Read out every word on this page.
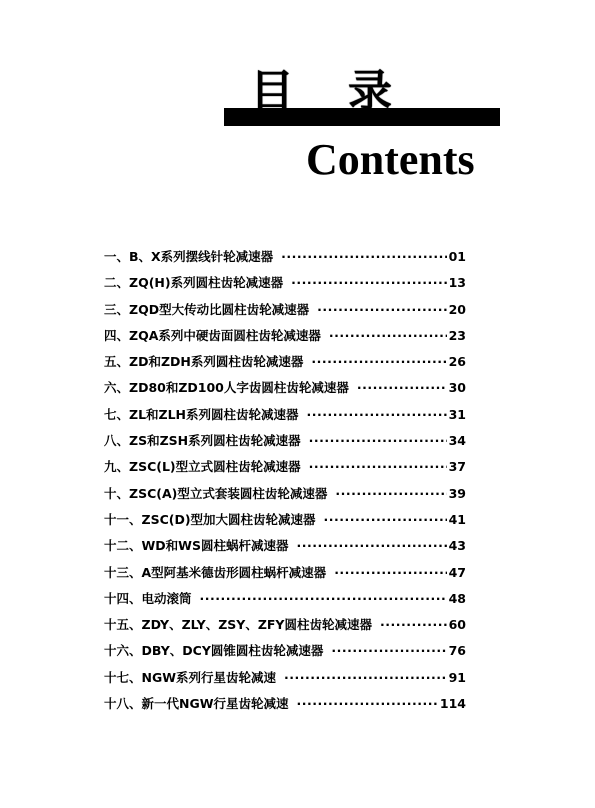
目 录
Contents
一、B、X系列摆线针轮减速器 ·····	01
二、ZQ(H)系列圆柱齿轮减速器 ·····	13
三、ZQD型大传动比圆柱齿轮减速器 ·····	20
四、ZQA系列中硬齿面圆柱齿轮减速器 ·····	23
五、ZD和ZDH系列圆柱齿轮减速器 ·····	26
六、ZD80和ZD100人字齿圆柱齿轮减速器 ·····	30
七、ZL和ZLH系列圆柱齿轮减速器 ·····	31
八、ZS和ZSH系列圆柱齿轮减速器 ·····	34
九、ZSC(L)型立式圆柱齿轮减速器 ·····	37
十、ZSC(A)型立式套装圆柱齿轮减速器 ·····	39
十一、ZSC(D)型加大圆柱齿轮减速器 ·····	41
十二、WD和WS圆柱蜗杆减速器 ·····	43
十三、A型阿基米德齿形圆柱蜗杆减速器 ·····	47
十四、电动滚筒 ·····	48
十五、ZDY、ZLY、ZSY、ZFY圆柱齿轮减速器 ·····	60
十六、DBY、DCY圆锥圆柱齿轮减速器 ·····	76
十七、NGW系列行星齿轮减速 ·····	91
十八、新一代NGW行星齿轮减速 ·····	114
